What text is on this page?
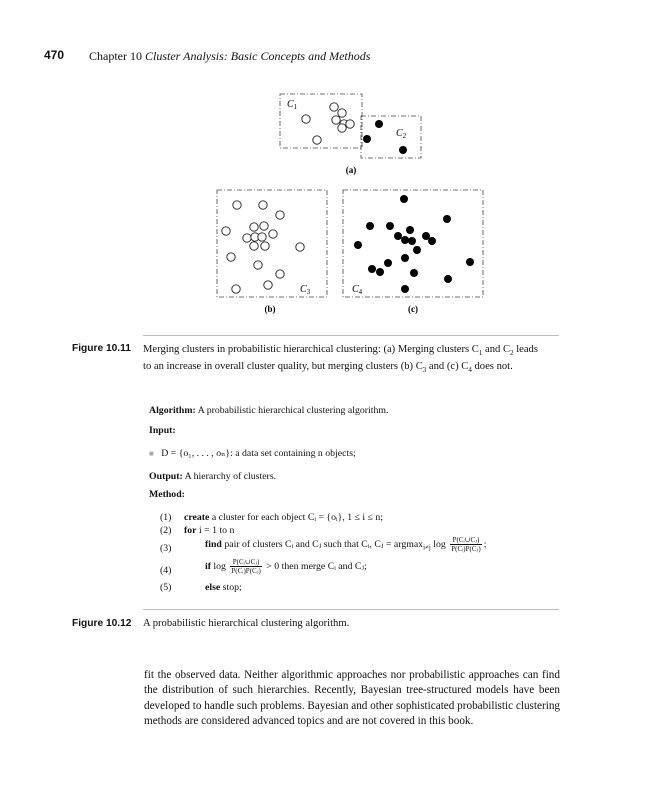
470 Chapter 10 Cluster Analysis: Basic Concepts and Methods
$C_1$
$C_2$
(a)
$C_3$
(b)
$C_4$
(c)
Figure 10.11 Merging clusters in probabilistic hierarchical clustering: (a) Merging clusters $C_1$ and $C_2$ leads
to an increase in overall cluster quality, but merging clusters (b) $C_3$ and (c) $C_4$ does not.
Algorithm: A probabilistic hierarchical clustering algorithm.
Input:
■ D = {o₁, . . . , oₙ}: a data set containing n objects;
Output: A hierarchy of clusters.
Method:
(1) create a cluster for each object Cᵢ = {oᵢ}, 1 ≤ i ≤ n;
(2) for i = 1 to n
(3)	find pair of clusters Cᵢ and Cⱼ such that Cᵢ, Cⱼ = argmax$_{i\ne j}$ $\log \frac{\text{P(Cᵢ∪Cⱼ)}}{\text{P(Cᵢ)P(Cⱼ)}}$ ;
(4)	if $\log \frac{\text{P(Cᵢ∪Cⱼ)}}{\text{P(Cᵢ)P(Cⱼ)}} > 0$ then merge Cᵢ and Cⱼ;
(5)	else stop;
Figure 10.12 A probabilistic hierarchical clustering algorithm.

fit the observed data. Neither algorithmic approaches nor probabilistic approaches can find the distribution of such hierarchies. Recently, Bayesian tree-structured models have been developed to handle such problems. Bayesian and other sophisticated probabilistic clustering methods are considered advanced topics and are not covered in this book.
